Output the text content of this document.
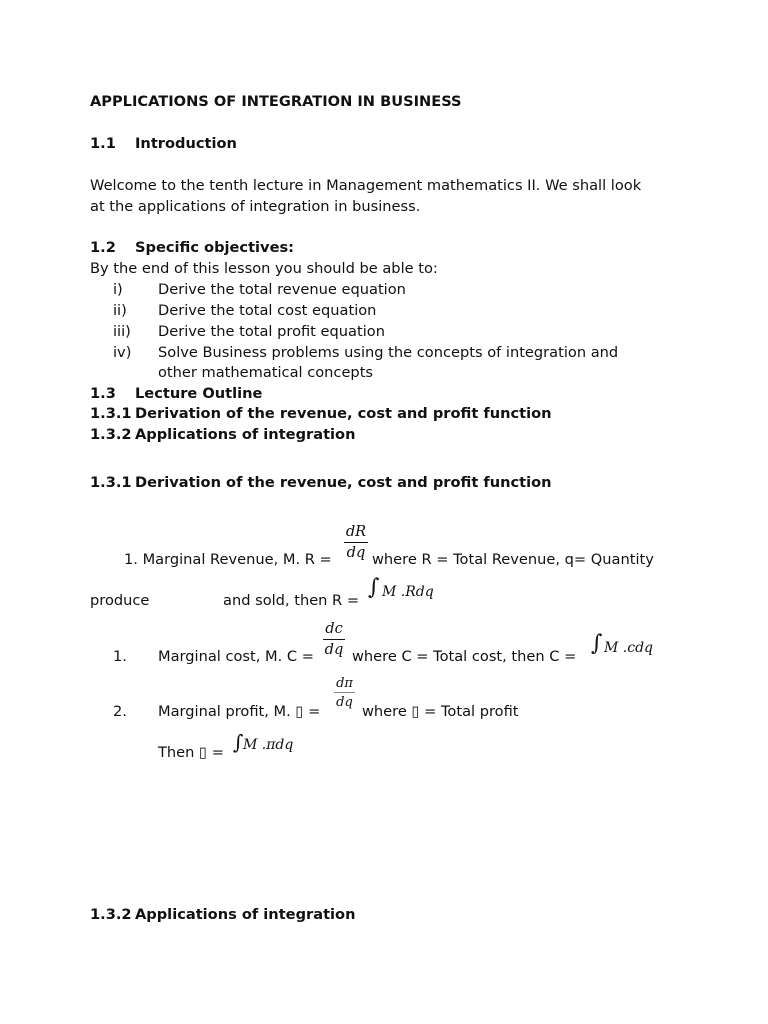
APPLICATIONS OF INTEGRATION IN BUSINESS
1.1 Introduction
Welcome to the tenth lecture in Management mathematics II. We shall look
at the applications of integration in business.
1.2 Specific objectives:
By the end of this lesson you should be able to:
i) Derive the total revenue equation
ii) Derive the total cost equation
iii) Derive the total profit equation
iv) Solve Business problems using the concepts of integration and
other mathematical concepts
1.3 Lecture Outline
1.3.1 Derivation of the revenue, cost and profit function
1.3.2 Applications of integration
1.3.1 Derivation of the revenue, cost and profit function
1. Marginal Revenue, M. R =
dR
dq where R = Total Revenue, q= Quantity
produce	and sold, then R =
∫ M .Rdq
1. Marginal cost, M. C =
dc
dq where C = Total cost, then C =
∫ M .cdq
2. Marginal profit, M. ▯ =
dπ
dq
where ▯ = Total profit
Then ▯ = ∫ M .πdq
1.3.2 Applications of integration
